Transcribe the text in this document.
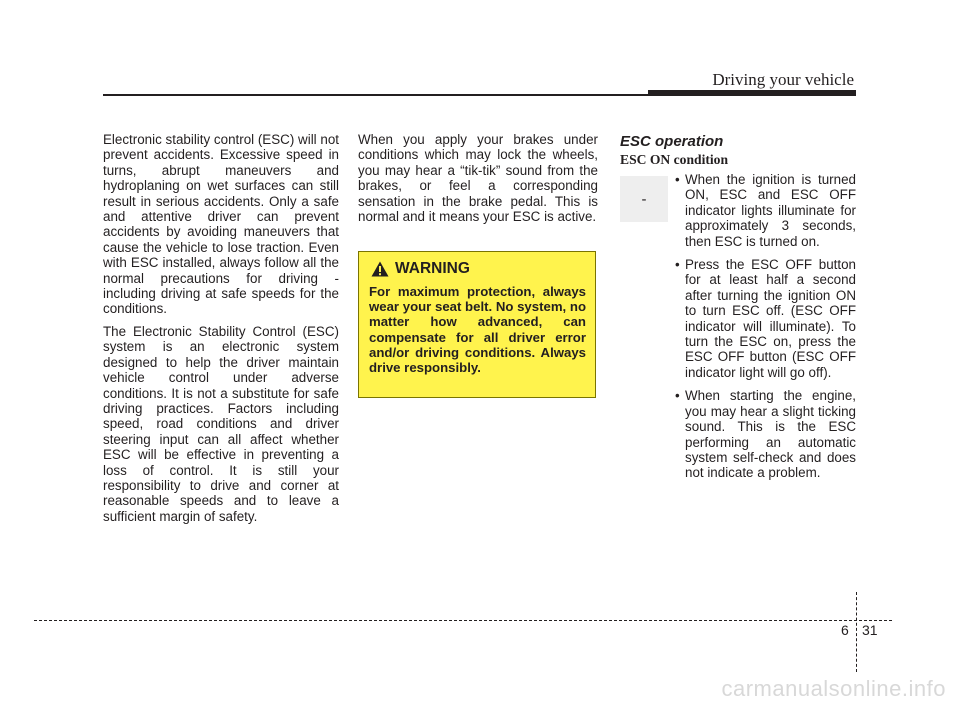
Driving your vehicle

Electronic stability control (ESC) will not prevent accidents. Excessive speed in turns, abrupt maneuvers and hydroplaning on wet surfaces can still result in serious accidents. Only a safe and attentive driver can prevent accidents by avoiding maneuvers that cause the vehicle to lose traction. Even with ESC installed, always follow all the normal precautions for driving - including driving at safe speeds for the conditions.

The Electronic Stability Control (ESC) system is an electronic system designed to help the driver maintain vehicle control under adverse conditions. It is not a substitute for safe driving practices. Factors including speed, road conditions and driver steering input can all affect whether ESC will be effective in preventing a loss of control. It is still your responsibility to drive and corner at reasonable speeds and to leave a sufficient margin of safety.

When you apply your brakes under conditions which may lock the wheels, you may hear a “tik-tik” sound from the brakes, or feel a corresponding sensation in the brake pedal. This is normal and it means your ESC is active.

WARNING
For maximum protection, always wear your seat belt. No system, no matter how advanced, can compensate for all driver error and/or driving conditions. Always drive responsibly.
ESC operation
ESC ON condition
-
• When the ignition is turned ON, ESC and ESC OFF indicator lights illuminate for approximately 3 seconds, then ESC is turned on.
• Press the ESC OFF button for at least half a second after turning the ignition ON to turn ESC off. (ESC OFF indicator will illuminate). To turn the ESC on, press the ESC OFF button (ESC OFF indicator light will go off).
• When starting the engine, you may hear a slight ticking sound. This is the ESC performing an automatic system self-check and does not indicate a problem.
6 31
carmanualsonline.info
